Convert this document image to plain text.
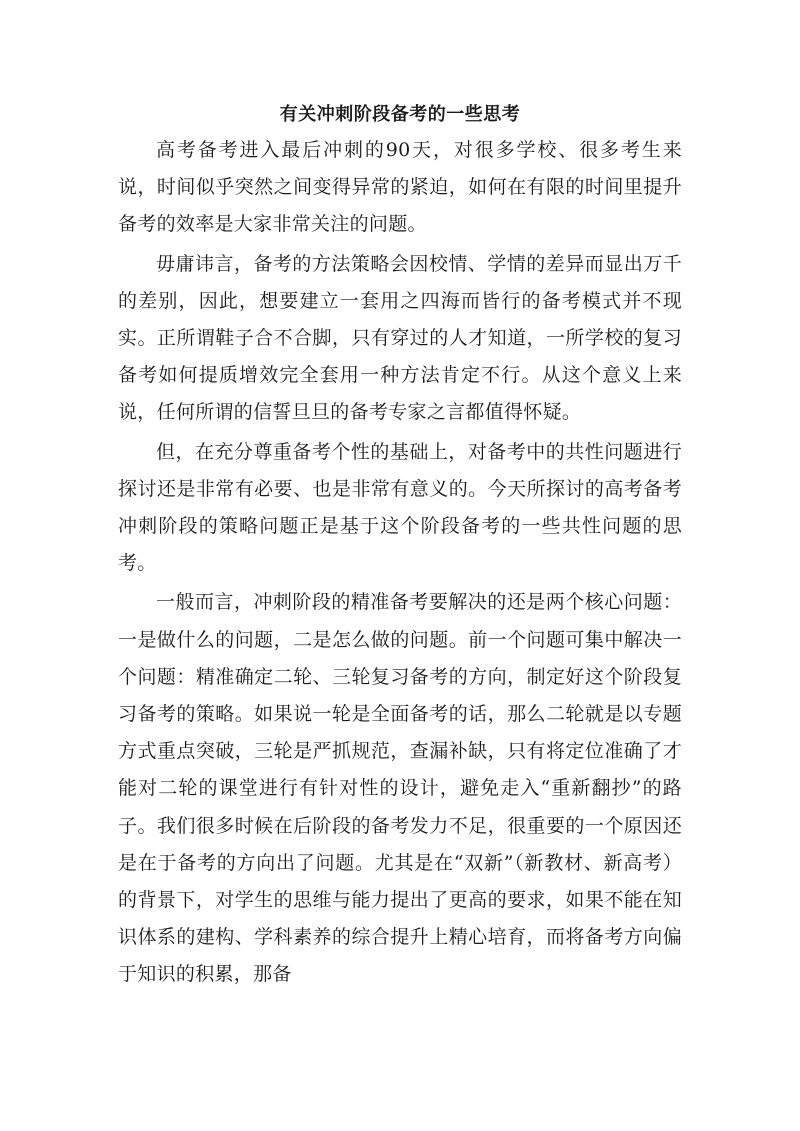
有关冲刺阶段备考的一些思考

高考备考进入最后冲刺的90天，对很多学校、很多考生来说，时间似乎突然之间变得异常的紧迫，如何在有限的时间里提升备考的效率是大家非常关注的问题。

毋庸讳言，备考的方法策略会因校情、学情的差异而显出万千的差别，因此，想要建立一套用之四海而皆行的备考模式并不现实。正所谓鞋子合不合脚，只有穿过的人才知道，一所学校的复习备考如何提质增效完全套用一种方法肯定不行。从这个意义上来说，任何所谓的信誓旦旦的备考专家之言都值得怀疑。

但，在充分尊重备考个性的基础上，对备考中的共性问题进行探讨还是非常有必要、也是非常有意义的。今天所探讨的高考备考冲刺阶段的策略问题正是基于这个阶段备考的一些共性问题的思考。

一般而言，冲刺阶段的精准备考要解决的还是两个核心问题：一是做什么的问题，二是怎么做的问题。前一个问题可集中解决一个问题：精准确定二轮、三轮复习备考的方向，制定好这个阶段复习备考的策略。如果说一轮是全面备考的话，那么二轮就是以专题方式重点突破，三轮是严抓规范，查漏补缺，只有将定位准确了才能对二轮的课堂进行有针对性的设计，避免走入“重新翻抄”的路子。我们很多时候在后阶段的备考发力不足，很重要的一个原因还是在于备考的方向出了问题。尤其是在“双新”（新教材、新高考）的背景下，对学生的思维与能力提出了更高的要求，如果不能在知识体系的建构、学科素养的综合提升上精心培育，而将备考方向偏于知识的积累，那备
